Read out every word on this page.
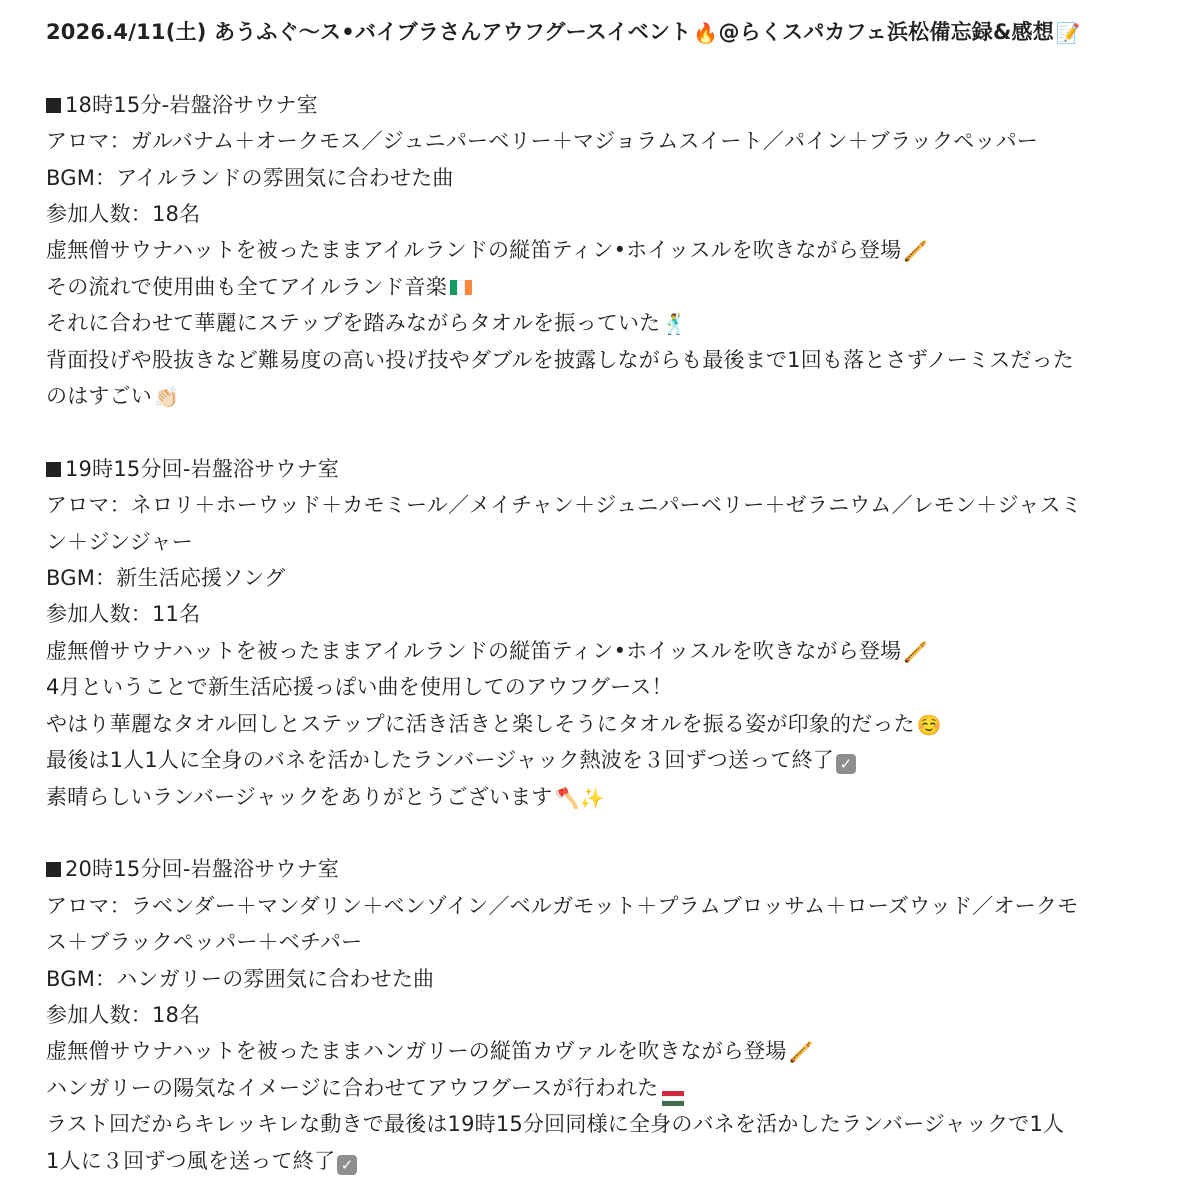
2026.4/11(土) あうふぐ〜ス•バイブラさんアウフグースイベント 🔥@らくスパカフェ浜松備忘録&感想 📝

18時15分-岩盤浴サウナ室

アロマ：ガルバナム＋オークモス／ジュニパーベリー＋マジョラムスイート／パイン＋ブラックペッパー

BGM：アイルランドの雰囲気に合わせた曲

参加人数：18名

虚無僧サウナハットを被ったままアイルランドの縦笛ティン•ホイッスルを吹きながら登場 🪈

その流れで使用曲も全てアイルランド音楽

それに合わせて華麗にステップを踏みながらタオルを振っていた 🕺

背面投げや股抜きなど難易度の高い投げ技やダブルを披露しながらも最後まで1回も落とさずノーミスだった

のはすごい 👏🏻

19時15分回-岩盤浴サウナ室

アロマ：ネロリ＋ホーウッド＋カモミール／メイチャン＋ジュニパーベリー＋ゼラニウム／レモン＋ジャスミ

ン＋ジンジャー

BGM：新生活応援ソング

参加人数：11名

虚無僧サウナハットを被ったままアイルランドの縦笛ティン•ホイッスルを吹きながら登場 🪈

4月ということで新生活応援っぽい曲を使用してのアウフグース！

やはり華麗なタオル回しとステップに活き活きと楽しそうにタオルを振る姿が印象的だった ☺️

最後は1人1人に全身のバネを活かしたランバージャック熱波を３回ずつ送って終了 ✓

素晴らしいランバージャックをありがとうございます 🪓✨

20時15分回-岩盤浴サウナ室

アロマ：ラベンダー＋マンダリン＋ベンゾイン／ベルガモット＋プラムブロッサム＋ローズウッド／オークモ

ス＋ブラックペッパー＋ベチパー

BGM：ハンガリーの雰囲気に合わせた曲

参加人数：18名

虚無僧サウナハットを被ったままハンガリーの縦笛カヴァルを吹きながら登場 🪈

ハンガリーの陽気なイメージに合わせてアウフグースが行われた

ラスト回だからキレッキレな動きで最後は19時15分回同様に全身のバネを活かしたランバージャックで1人

1人に３回ずつ風を送って終了 ✓
